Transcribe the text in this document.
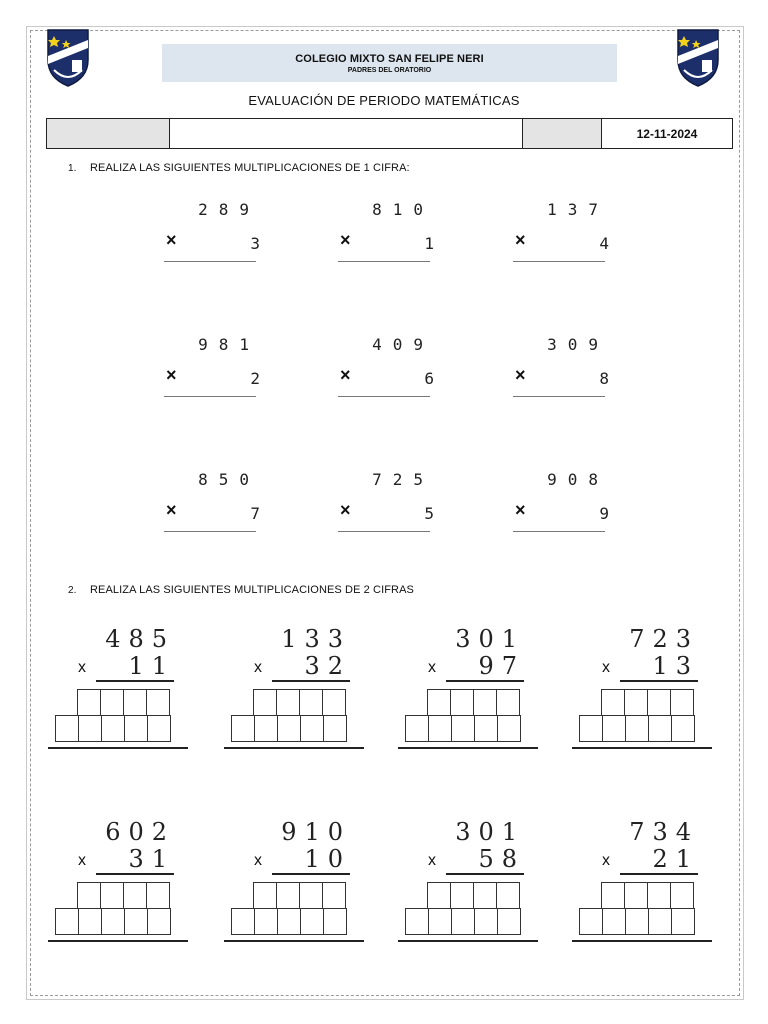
COLEGIO MIXTO SAN FELIPE NERI
PADRES DEL ORATORIO
EVALUACIÓN DE PERIODO MATEMÁTICAS
12-11-2024
1. REALIZA LAS SIGUIENTES MULTIPLICACIONES DE 1 CIFRA:
289
×	3
810
×	1
137
×	4
981
×	2
409
×	6
309
×	8
850
×	7
725
×	5
908
×	9
2. REALIZA LAS SIGUIENTES MULTIPLICACIONES DE 2 CIFRAS
485
x 11
133
x 32
301
x 97
723
x 13
602
x 31
910
x 10
301
x 58
734
x 21
